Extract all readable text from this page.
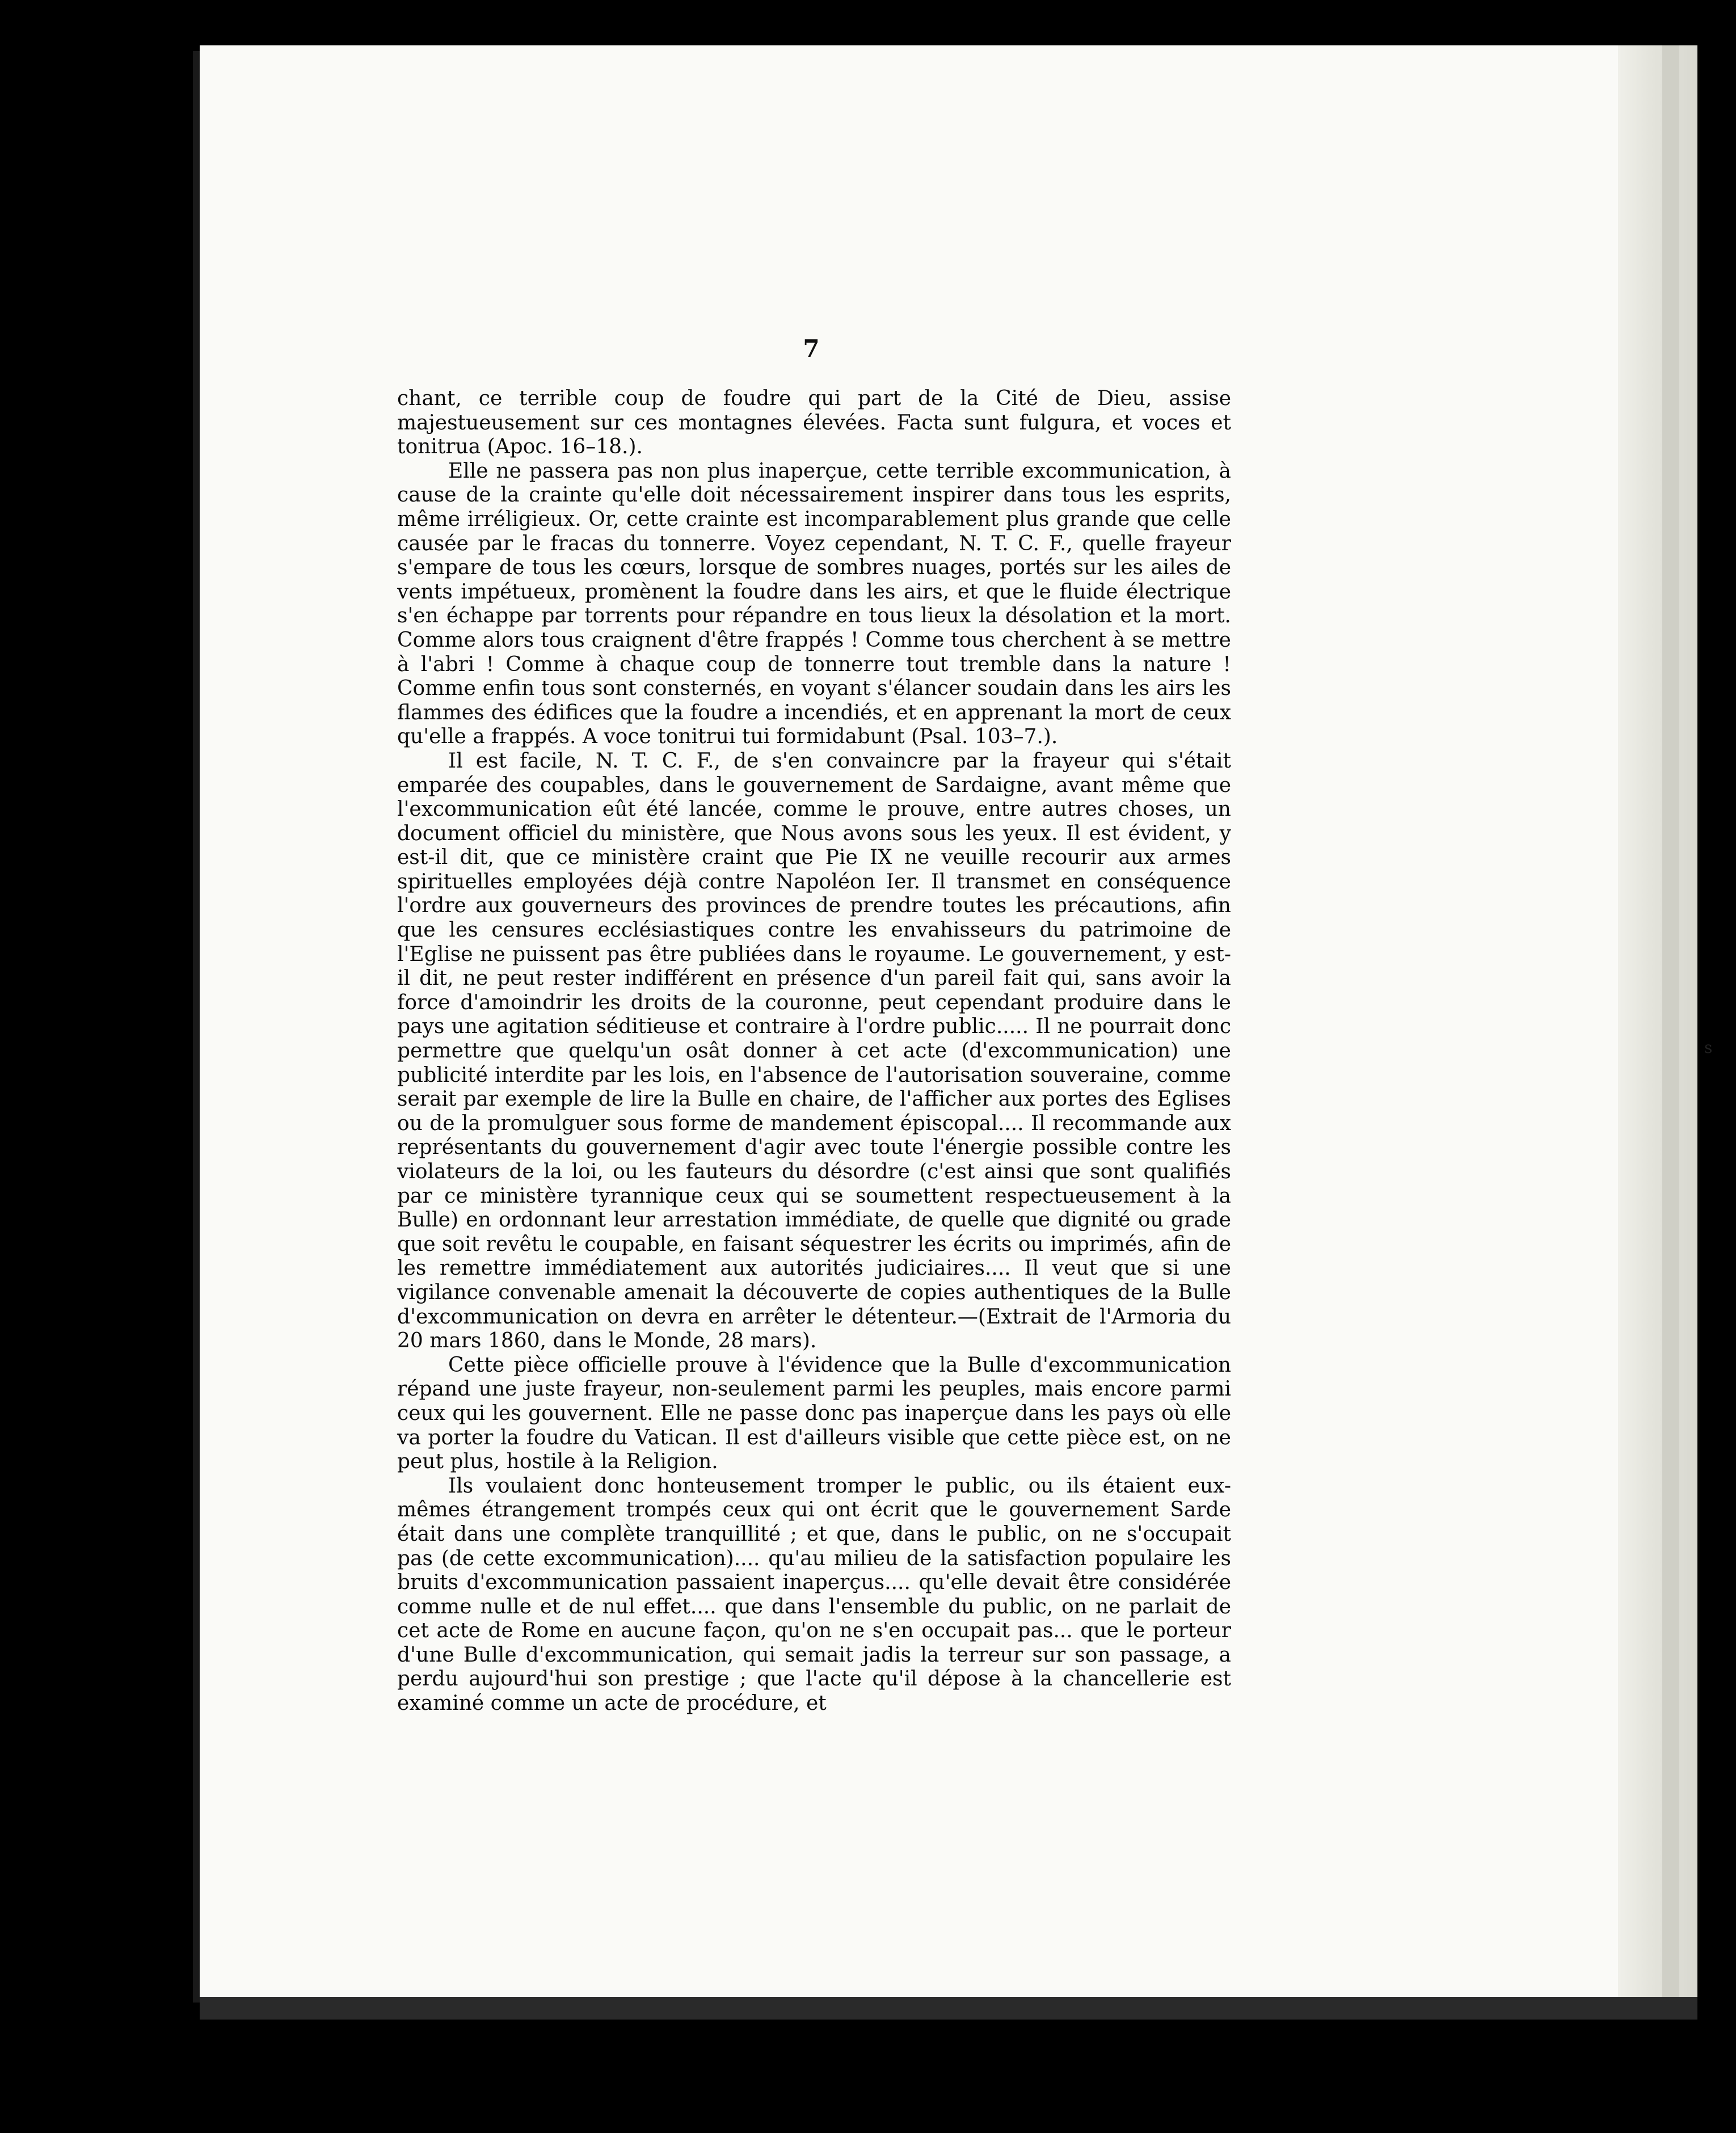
7

chant, ce terrible coup de foudre qui part de la Cité de Dieu, assise majestueusement sur ces montagnes élevées. Facta sunt fulgura, et voces et tonitrua (Apoc. 16–18.).

Elle ne passera pas non plus inaperçue, cette terrible excommunication, à cause de la crainte qu'elle doit nécessairement inspirer dans tous les esprits, même irréligieux. Or, cette crainte est incomparablement plus grande que celle causée par le fracas du tonnerre. Voyez cependant, N. T. C. F., quelle frayeur s'empare de tous les cœurs, lorsque de sombres nuages, portés sur les ailes de vents impétueux, promènent la foudre dans les airs, et que le fluide électrique s'en échappe par torrents pour répandre en tous lieux la désolation et la mort. Comme alors tous craignent d'être frappés ! Comme tous cherchent à se mettre à l'abri ! Comme à chaque coup de tonnerre tout tremble dans la nature ! Comme enfin tous sont consternés, en voyant s'élancer soudain dans les airs les flammes des édifices que la foudre a incendiés, et en apprenant la mort de ceux qu'elle a frappés. A voce tonitrui tui formidabunt (Psal. 103–7.).

Il est facile, N. T. C. F., de s'en convaincre par la frayeur qui s'était emparée des coupables, dans le gouvernement de Sardaigne, avant même que l'excommunication eût été lancée, comme le prouve, entre autres choses, un document officiel du ministère, que Nous avons sous les yeux. Il est évident, y est-il dit, que ce ministère craint que Pie IX ne veuille recourir aux armes spirituelles employées déjà contre Napoléon Ier. Il transmet en conséquence l'ordre aux gouverneurs des provinces de prendre toutes les précautions, afin que les censures ecclésiastiques contre les envahisseurs du patrimoine de l'Eglise ne puissent pas être publiées dans le royaume. Le gouvernement, y est-il dit, ne peut rester indifférent en présence d'un pareil fait qui, sans avoir la force d'amoindrir les droits de la couronne, peut cependant produire dans le pays une agitation séditieuse et contraire à l'ordre public..... Il ne pourrait donc permettre que quelqu'un osât donner à cet acte (d'excommunication) une publicité interdite par les lois, en l'absence de l'autorisation souveraine, comme serait par exemple de lire la Bulle en chaire, de l'afficher aux portes des Eglises ou de la promulguer sous forme de mandement épiscopal.... Il recommande aux représentants du gouvernement d'agir avec toute l'énergie possible contre les violateurs de la loi, ou les fauteurs du désordre (c'est ainsi que sont qualifiés par ce ministère tyrannique ceux qui se soumettent respectueusement à la Bulle) en ordonnant leur arrestation immédiate, de quelle que dignité ou grade que soit revêtu le coupable, en faisant séquestrer les écrits ou imprimés, afin de les remettre immédiatement aux autorités judiciaires.... Il veut que si une vigilance convenable amenait la découverte de copies authentiques de la Bulle d'excommunication on devra en arrêter le détenteur.—(Extrait de l'Armoria du 20 mars 1860, dans le Monde, 28 mars).

Cette pièce officielle prouve à l'évidence que la Bulle d'excommunication répand une juste frayeur, non-seulement parmi les peuples, mais encore parmi ceux qui les gouvernent. Elle ne passe donc pas inaperçue dans les pays où elle va porter la foudre du Vatican. Il est d'ailleurs visible que cette pièce est, on ne peut plus, hostile à la Religion.

Ils voulaient donc honteusement tromper le public, ou ils étaient eux-mêmes étrangement trompés ceux qui ont écrit que le gouvernement Sarde était dans une complète tranquillité ; et que, dans le public, on ne s'occupait pas (de cette excommunication).... qu'au milieu de la satisfaction populaire les bruits d'excommunication passaient inaperçus.... qu'elle devait être considérée comme nulle et de nul effet.... que dans l'ensemble du public, on ne parlait de cet acte de Rome en aucune façon, qu'on ne s'en occupait pas... que le porteur d'une Bulle d'excommunication, qui semait jadis la terreur sur son passage, a perdu aujourd'hui son prestige ; que l'acte qu'il dépose à la chancellerie est examiné comme un acte de procédure, et

s
